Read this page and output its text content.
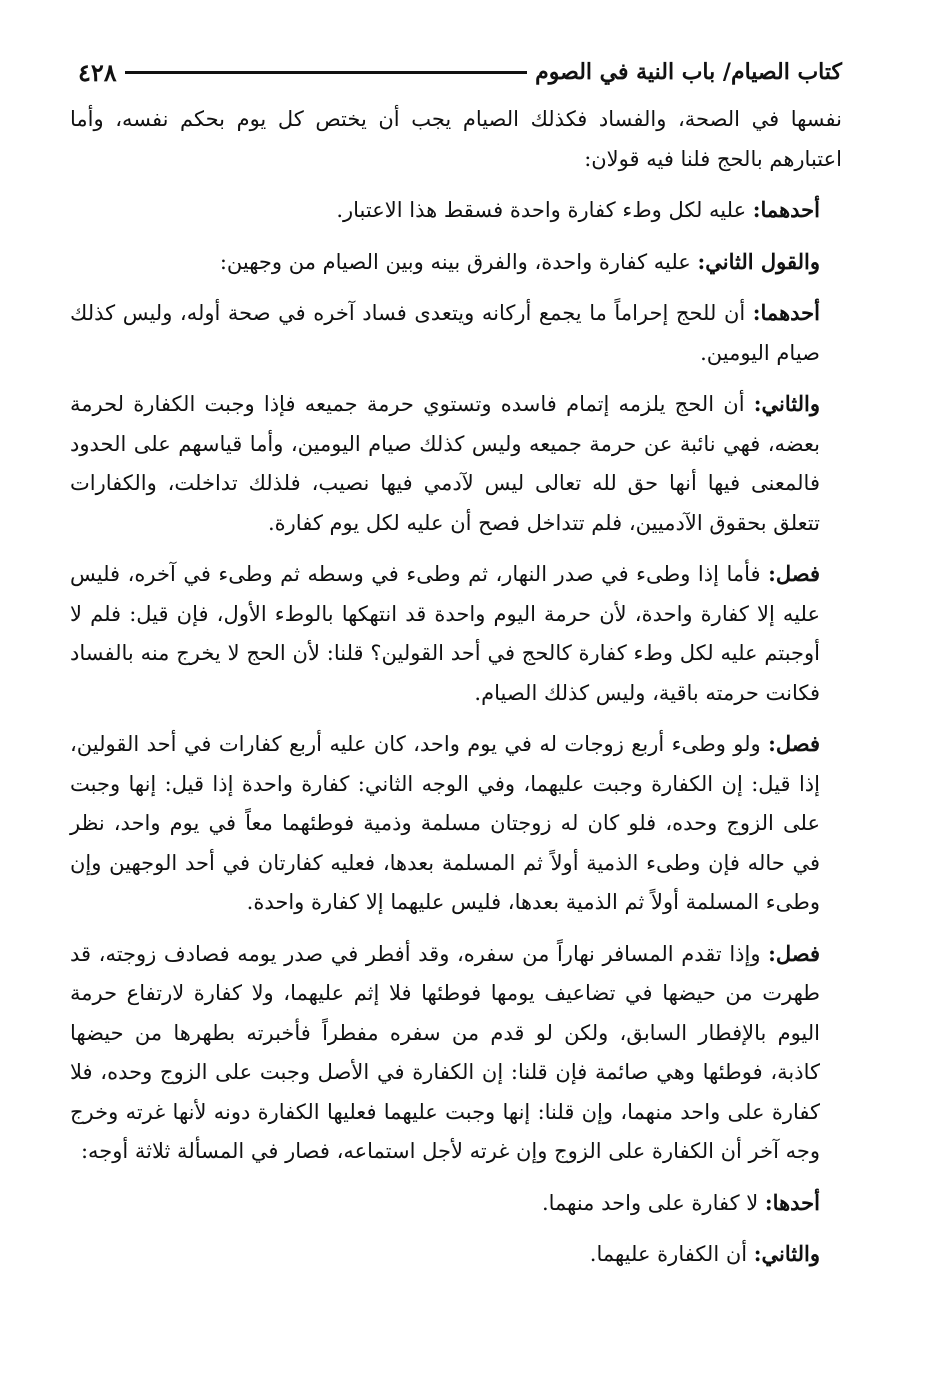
كتاب الصيام/ باب النية في الصوم
٤٢٨

نفسها في الصحة، والفساد فكذلك الصيام يجب أن يختص كل يوم بحكم نفسه، وأما اعتبارهم بالحج فلنا فيه قولان:

أحدهما: عليه لكل وطء كفارة واحدة فسقط هذا الاعتبار.

والقول الثاني: عليه كفارة واحدة، والفرق بينه وبين الصيام من وجهين:

أحدهما: أن للحج إحراماً ما يجمع أركانه ويتعدى فساد آخره في صحة أوله، وليس كذلك صيام اليومين.

والثاني: أن الحج يلزمه إتمام فاسده وتستوي حرمة جميعه فإذا وجبت الكفارة لحرمة بعضه، فهي نائبة عن حرمة جميعه وليس كذلك صيام اليومين، وأما قياسهم على الحدود فالمعنى فيها أنها حق لله تعالى ليس لآدمي فيها نصيب، فلذلك تداخلت، والكفارات تتعلق بحقوق الآدميين، فلم تتداخل فصح أن عليه لكل يوم كفارة.

فصل: فأما إذا وطىء في صدر النهار، ثم وطىء في وسطه ثم وطىء في آخره، فليس عليه إلا كفارة واحدة، لأن حرمة اليوم واحدة قد انتهكها بالوطء الأول، فإن قيل: فلم لا أوجبتم عليه لكل وطء كفارة كالحج في أحد القولين؟ قلنا: لأن الحج لا يخرج منه بالفساد فكانت حرمته باقية، وليس كذلك الصيام.

فصل: ولو وطىء أربع زوجات له في يوم واحد، كان عليه أربع كفارات في أحد القولين، إذا قيل: إن الكفارة وجبت عليهما، وفي الوجه الثاني: كفارة واحدة إذا قيل: إنها وجبت على الزوج وحده، فلو كان له زوجتان مسلمة وذمية فوطئهما معاً في يوم واحد، نظر في حاله فإن وطىء الذمية أولاً ثم المسلمة بعدها، فعليه كفارتان في أحد الوجهين وإن وطىء المسلمة أولاً ثم الذمية بعدها، فليس عليهما إلا كفارة واحدة.

فصل: وإذا تقدم المسافر نهاراً من سفره، وقد أفطر في صدر يومه فصادف زوجته، قد طهرت من حيضها في تضاعيف يومها فوطئها فلا إثم عليهما، ولا كفارة لارتفاع حرمة اليوم بالإفطار السابق، ولكن لو قدم من سفره مفطراً فأخبرته بطهرها من حيضها كاذبة، فوطئها وهي صائمة فإن قلنا: إن الكفارة في الأصل وجبت على الزوج وحده، فلا كفارة على واحد منهما، وإن قلنا: إنها وجبت عليهما فعليها الكفارة دونه لأنها غرته وخرج وجه آخر أن الكفارة على الزوج وإن غرته لأجل استماعه، فصار في المسألة ثلاثة أوجه:

أحدها: لا كفارة على واحد منهما.

والثاني: أن الكفارة عليهما.
